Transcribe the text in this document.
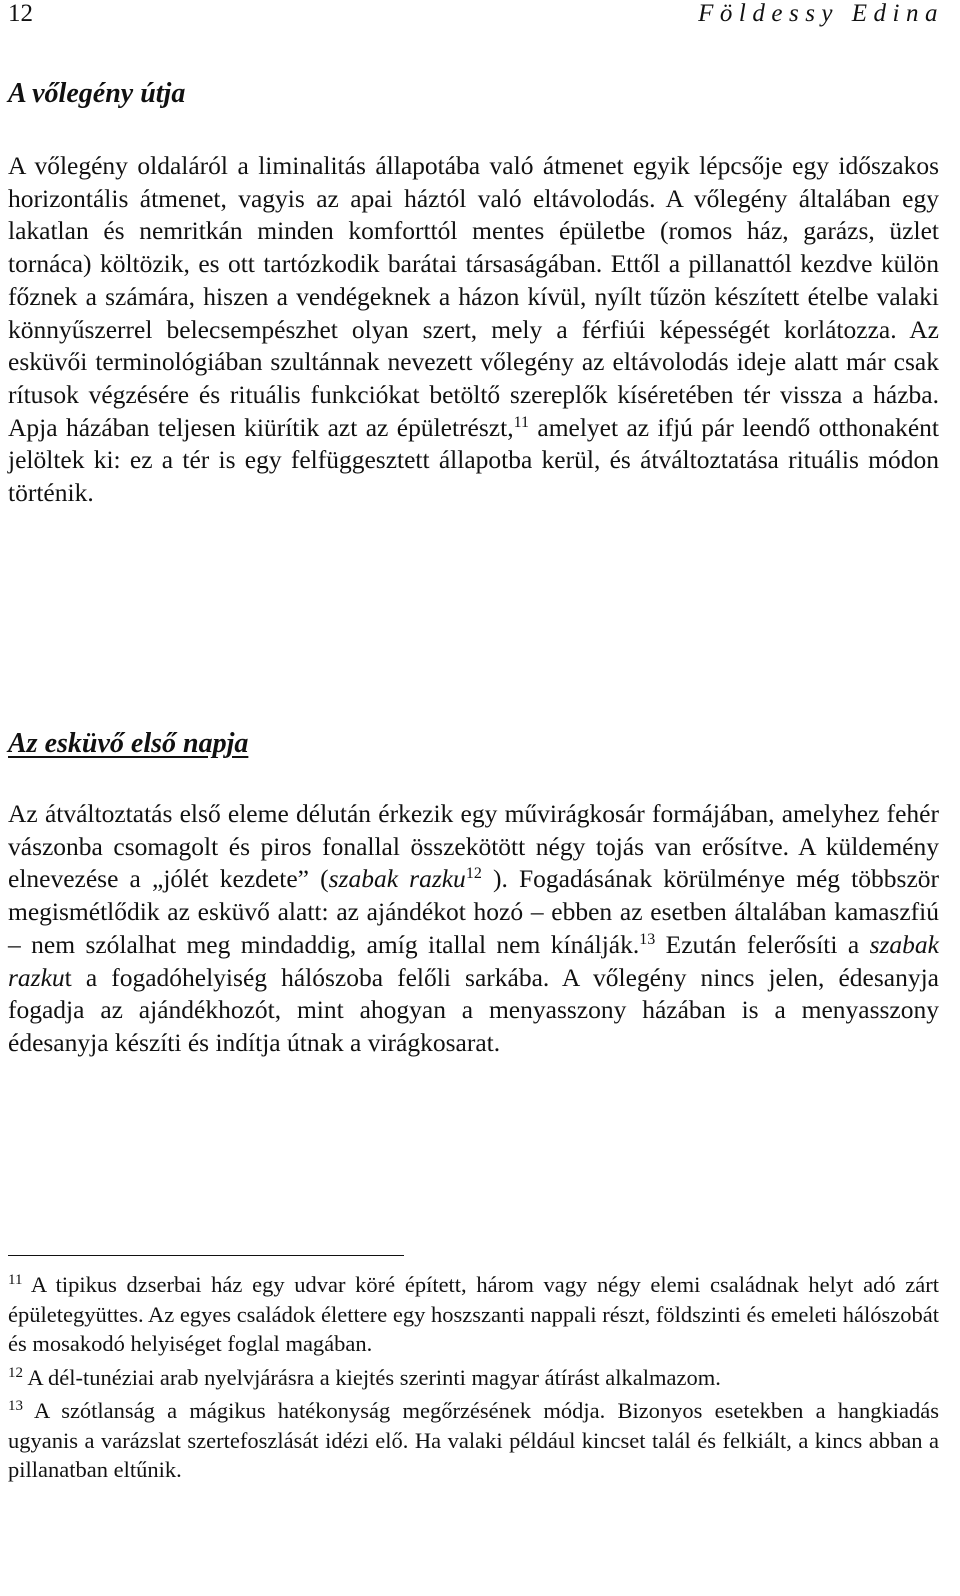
12	Földessy Edina
A vőlegény útja

A vőlegény oldaláról a liminalitás állapotába való átmenet egyik lépcsője egy időszakos horizontális átmenet, vagyis az apai háztól való eltávolodás. A vőlegény általában egy lakatlan és nemritkán minden komforttól mentes épületbe (romos ház, garázs, üzlet tornáca) költözik, es ott tartózkodik barátai társaságában. Ettől a pillanattól kezdve külön főznek a számára, hiszen a vendégeknek a házon kívül, nyílt tűzön készített ételbe valaki könnyűszerrel belecsempészhet olyan szert, mely a férfiúi képességét korlátozza. Az esküvői terminológiában szultánnak nevezett vőlegény az eltávolodás ideje alatt már csak rítusok végzésére és rituális funkciókat betöltő szereplők kíséretében tér vissza a házba. Apja házában teljesen kiürítik azt az épületrészt,$^{11}$ amelyet az ifjú pár leendő otthonaként jelöltek ki: ez a tér is egy felfüggesztett állapotba kerül, és átváltoztatása rituális módon történik.

Az esküvő első napja

Az átváltoztatás első eleme délután érkezik egy művirágkosár formájában, amelyhez fehér vászonba csomagolt és piros fonallal összekötött négy tojás van erősítve. A küldemény elnevezése a „jólét kezdete” (szabak razku$^{12}$ ). Fogadásának körülménye még többször megismétlődik az esküvő alatt: az ajándékot hozó – ebben az esetben általában kamaszfiú – nem szólalhat meg mindaddig, amíg itallal nem kínálják.$^{13}$ Ezután felerősíti a szabak razkut a fogadóhelyiség hálószoba felőli sarkába. A vőlegény nincs jelen, édesanyja fogadja az ajándékhozót, mint ahogyan a menyasszony házában is a menyasszony édesanyja készíti és indítja útnak a virágkosarat.

$^{11}$ A tipikus dzserbai ház egy udvar köré épített, három vagy négy elemi családnak helyt adó zárt épületegyüttes. Az egyes családok élettere egy hoszszanti nappali részt, földszinti és emeleti hálószobát és mosakodó helyiséget foglal magában.

$^{12}$ A dél-tunéziai arab nyelvjárásra a kiejtés szerinti magyar átírást alkalmazom.

$^{13}$ A szótlanság a mágikus hatékonyság megőrzésének módja. Bizonyos esetekben a hangkiadás ugyanis a varázslat szertefoszlását idézi elő. Ha valaki például kincset talál és felkiált, a kincs abban a pillanatban eltűnik.
